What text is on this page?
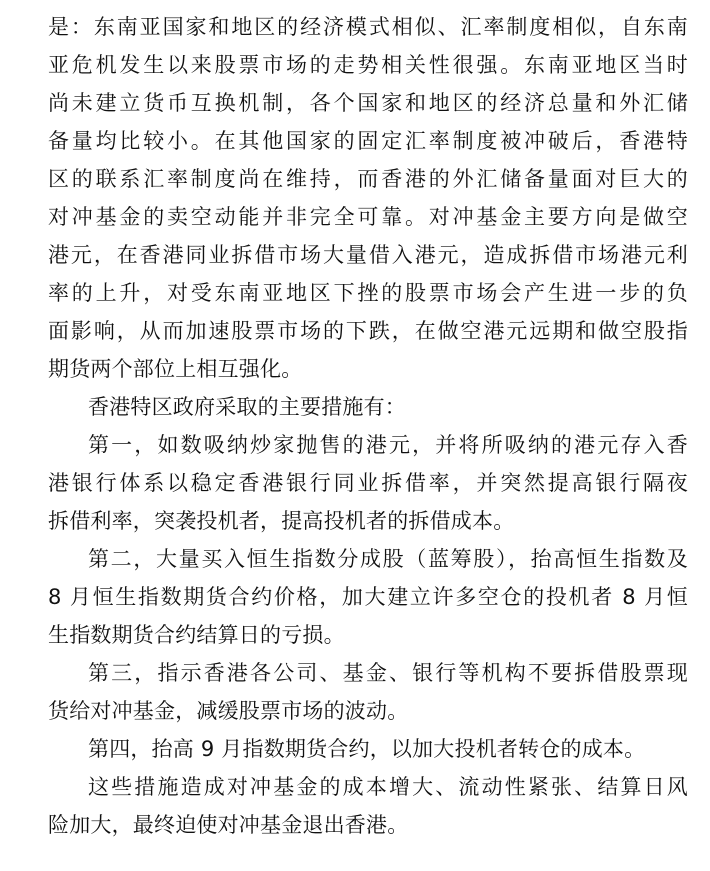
是：东南亚国家和地区的经济模式相似、汇率制度相似，自东南
亚危机发生以来股票市场的走势相关性很强。东南亚地区当时
尚未建立货币互换机制，各个国家和地区的经济总量和外汇储
备量均比较小。在其他国家的固定汇率制度被冲破后，香港特
区的联系汇率制度尚在维持，而香港的外汇储备量面对巨大的
对冲基金的卖空动能并非完全可靠。对冲基金主要方向是做空
港元，在香港同业拆借市场大量借入港元，造成拆借市场港元利
率的上升，对受东南亚地区下挫的股票市场会产生进一步的负
面影响，从而加速股票市场的下跌，在做空港元远期和做空股指
期货两个部位上相互强化。
香港特区政府采取的主要措施有：
第一，如数吸纳炒家抛售的港元，并将所吸纳的港元存入香
港银行体系以稳定香港银行同业拆借率，并突然提高银行隔夜
拆借利率，突袭投机者，提高投机者的拆借成本。
第二，大量买入恒生指数分成股（蓝筹股），抬高恒生指数及
8 月恒生指数期货合约价格，加大建立许多空仓的投机者 8 月恒
生指数期货合约结算日的亏损。
第三，指示香港各公司、基金、银行等机构不要拆借股票现
货给对冲基金，减缓股票市场的波动。
第四，抬高 9 月指数期货合约，以加大投机者转仓的成本。
这些措施造成对冲基金的成本增大、流动性紧张、结算日风
险加大，最终迫使对冲基金退出香港。
